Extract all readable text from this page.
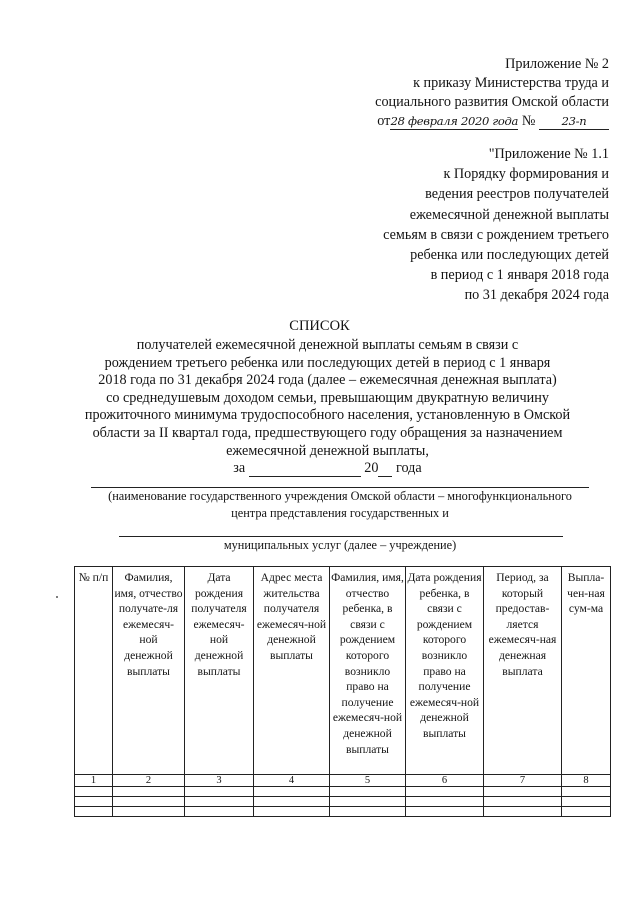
Приложение № 2
к приказу Министерства труда и
социального развития Омской области
от28 февраля 2020 года № 23-п
"Приложение № 1.1
к Порядку формирования и
ведения реестров получателей
ежемесячной денежной выплаты
семьям в связи с рождением третьего
ребенка или последующих детей
в период с 1 января 2018 года
по 31 декабря 2024 года
СПИСОК
получателей ежемесячной денежной выплаты семьям в связи с
рождением третьего ребенка или последующих детей в период с 1 января
2018 года по 31 декабря 2024 года (далее – ежемесячная денежная выплата)
со среднедушевым доходом семьи, превышающим двукратную величину
прожиточного минимума трудоспособного населения, установленную в Омской
области за II квартал года, предшествующего году обращения за назначением
ежемесячной денежной выплаты,
за	20 года
(наименование государственного учреждения Омской области – многофункционального
центра представления государственных и
муниципальных услуг (далее – учреждение)
№ п/п	Фамилия, имя, отчество получате-ля ежемесяч-ной денежной выплаты	Дата рождения получателя ежемесяч-ной денежной выплаты	Адрес места жительства получателя ежемесяч-ной денежной выплаты	Фамилия, имя, отчество ребенка, в связи с рождением которого возникло право на получение ежемесяч-ной денежной выплаты	Дата рождения ребенка, в связи с рождением которого возникло право на получение ежемесяч-ной денежной выплаты	Период, за который предостав-ляется ежемесяч-ная денежная выплата	Выпла-чен-ная сум-ма
1	2	3	4	5	6	7	8
